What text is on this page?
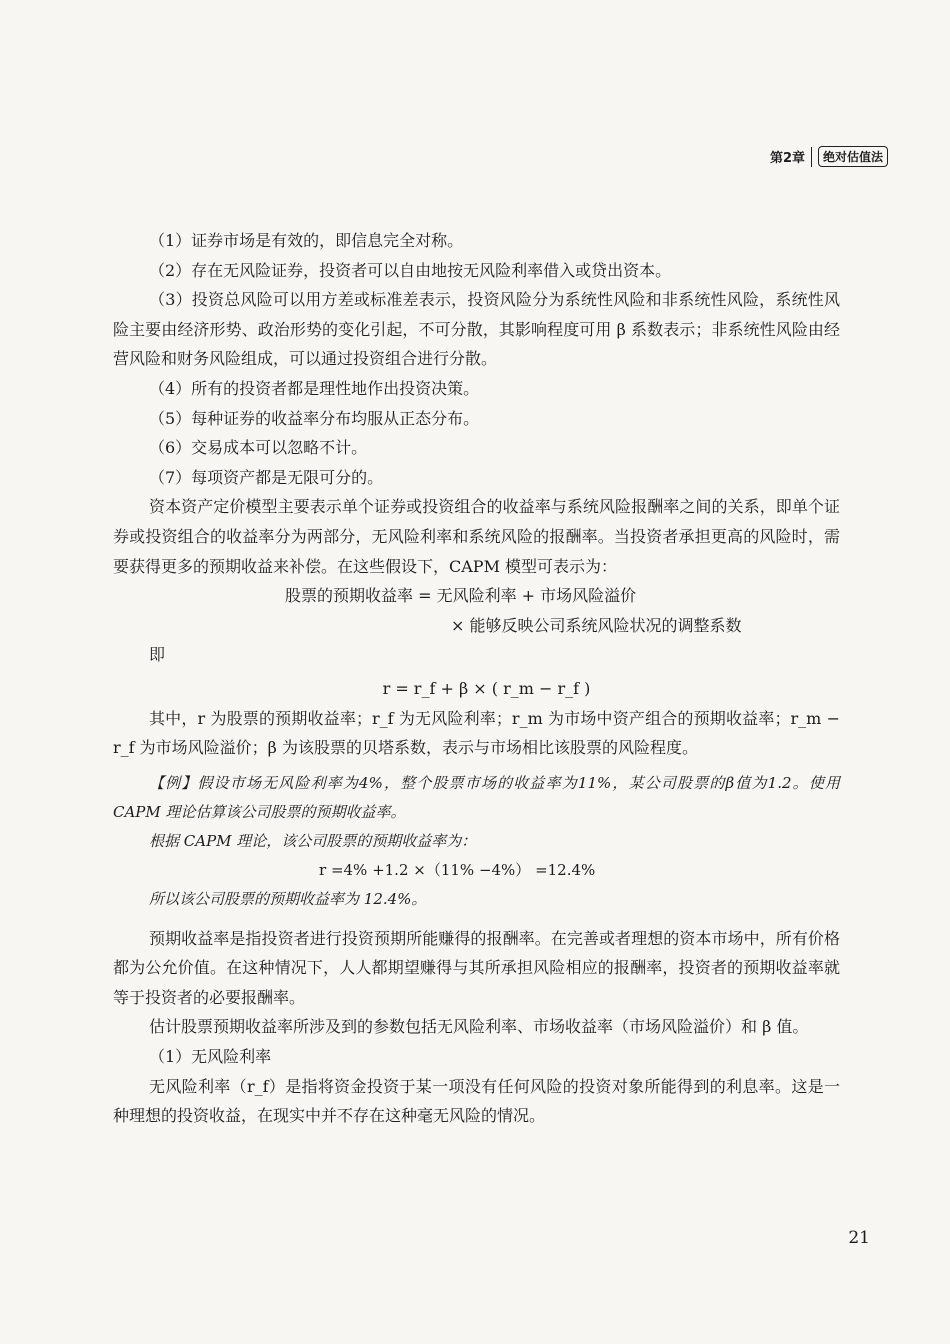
第2章	绝对估值法

（1）证券市场是有效的，即信息完全对称。

（2）存在无风险证券，投资者可以自由地按无风险利率借入或贷出资本。

（3）投资总风险可以用方差或标准差表示，投资风险分为系统性风险和非系统性风险，系统性风险主要由经济形势、政治形势的变化引起，不可分散，其影响程度可用 β 系数表示；非系统性风险由经营风险和财务风险组成，可以通过投资组合进行分散。

（4）所有的投资者都是理性地作出投资决策。

（5）每种证券的收益率分布均服从正态分布。

（6）交易成本可以忽略不计。

（7）每项资产都是无限可分的。

资本资产定价模型主要表示单个证券或投资组合的收益率与系统风险报酬率之间的关系，即单个证券或投资组合的收益率分为两部分，无风险利率和系统风险的报酬率。当投资者承担更高的风险时，需要获得更多的预期收益来补偿。在这些假设下，CAPM 模型可表示为：

股票的预期收益率 = 无风险利率 + 市场风险溢价

× 能够反映公司系统风险状况的调整系数

即

r = r_f + β × ( r_m − r_f )

其中，r 为股票的预期收益率；r_f 为无风险利率；r_m 为市场中资产组合的预期收益率；r_m − r_f 为市场风险溢价；β 为该股票的贝塔系数，表示与市场相比该股票的风险程度。

【例】假设市场无风险利率为4%，整个股票市场的收益率为11%，某公司股票的β值为1.2。使用 CAPM 理论估算该公司股票的预期收益率。

根据 CAPM 理论，该公司股票的预期收益率为：

r =4% +1.2 ×（11% −4%） =12.4%

所以该公司股票的预期收益率为 12.4%。

预期收益率是指投资者进行投资预期所能赚得的报酬率。在完善或者理想的资本市场中，所有价格都为公允价值。在这种情况下，人人都期望赚得与其所承担风险相应的报酬率，投资者的预期收益率就等于投资者的必要报酬率。

估计股票预期收益率所涉及到的参数包括无风险利率、市场收益率（市场风险溢价）和 β 值。

（1）无风险利率

无风险利率（r_f）是指将资金投资于某一项没有任何风险的投资对象所能得到的利息率。这是一种理想的投资收益，在现实中并不存在这种毫无风险的情况。

21
